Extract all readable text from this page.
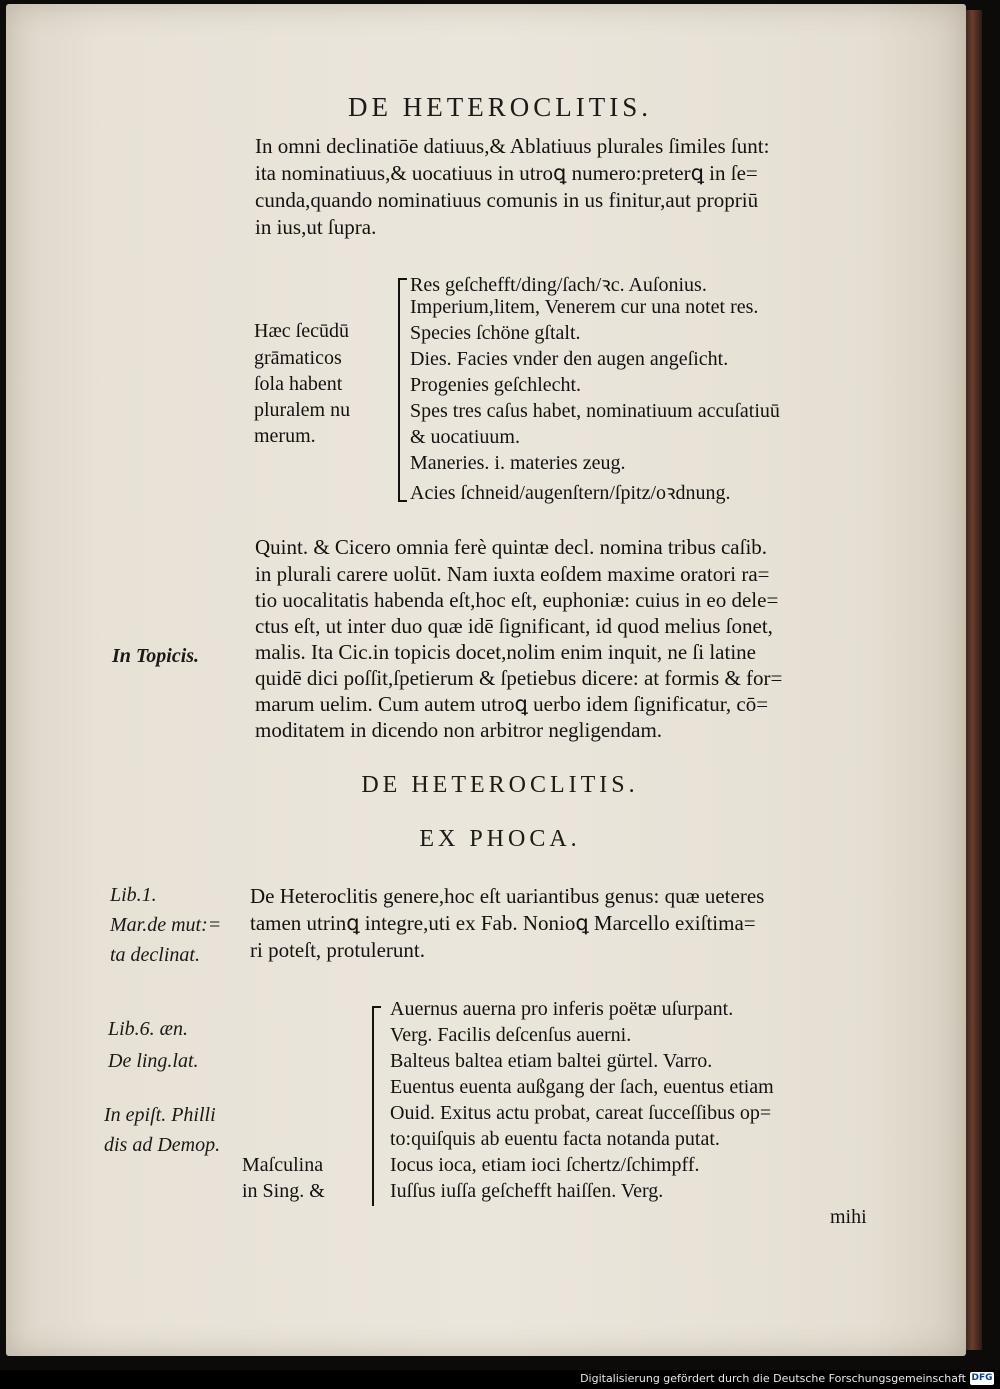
DE HETEROCLITIS.
In omni declinatiōe datiuus,& Ablatiuus plurales ſimiles ſunt:
ita nominatiuus,& uocatiuus in utroꝗ numero:preterꝗ in ſe=
cunda,quando nominatiuus comunis in us finitur,aut propriū
in ius,ut ſupra.
Hæc ſecūdū
grāmaticos
ſola habent
pluralem nu
merum.
Res geſchefft/ding/ſach/ꝛc. Auſonius.
Imperium,litem, Venerem cur una notet res.
Species ſchöne gſtalt.
Dies. Facies vnder den augen angeſicht.
Progenies geſchlecht.
Spes tres caſus habet, nominatiuum accuſatiuū
& uocatiuum.
Maneries. i. materies zeug.
Acies ſchneid/augenſtern/ſpitz/oꝛdnung.
In Topicis.
Quint. & Cicero omnia ferè quintæ decl. nomina tribus caſib.
in plurali carere uolūt. Nam iuxta eoſdem maxime oratori ra=
tio uocalitatis habenda eſt,hoc eſt, euphoniæ: cuius in eo dele=
ctus eſt, ut inter duo quæ idē ſignificant, id quod melius ſonet,
malis. Ita Cic.in topicis docet,nolim enim inquit, ne ſi latine
quidē dici poſſit,ſpetierum & ſpetiebus dicere: at formis & for=
marum uelim. Cum autem utroꝗ uerbo idem ſignificatur, cō=
moditatem in dicendo non arbitror negligendam.
DE HETEROCLITIS.
EX PHOCA.
Lib.1.
Mar.de mut:=
ta declinat.
De Heteroclitis genere,hoc eſt uariantibus genus: quæ ueteres
tamen utrinꝗ integre,uti ex Fab. Nonioꝗ Marcello exiſtima=
ri poteſt, protulerunt.
Lib.6. æn.
De ling.lat.
In epiſt. Philli
dis ad Demop.
Maſculina
in Sing. &
Auernus auerna pro inferis poëtæ uſurpant.
Verg. Facilis deſcenſus auerni.
Balteus baltea etiam baltei gürtel. Varro.
Euentus euenta außgang der ſach, euentus etiam
Ouid. Exitus actu probat, careat ſucceſſibus op=
to:quiſquis ab euentu facta notanda putat.
Iocus ioca, etiam ioci ſchertz/ſchimpff.
Iuſſus iuſſa geſchefft haiſſen. Verg.
mihi
Digitalisierung gefördert durch die Deutsche Forschungsgemeinschaft DFG
